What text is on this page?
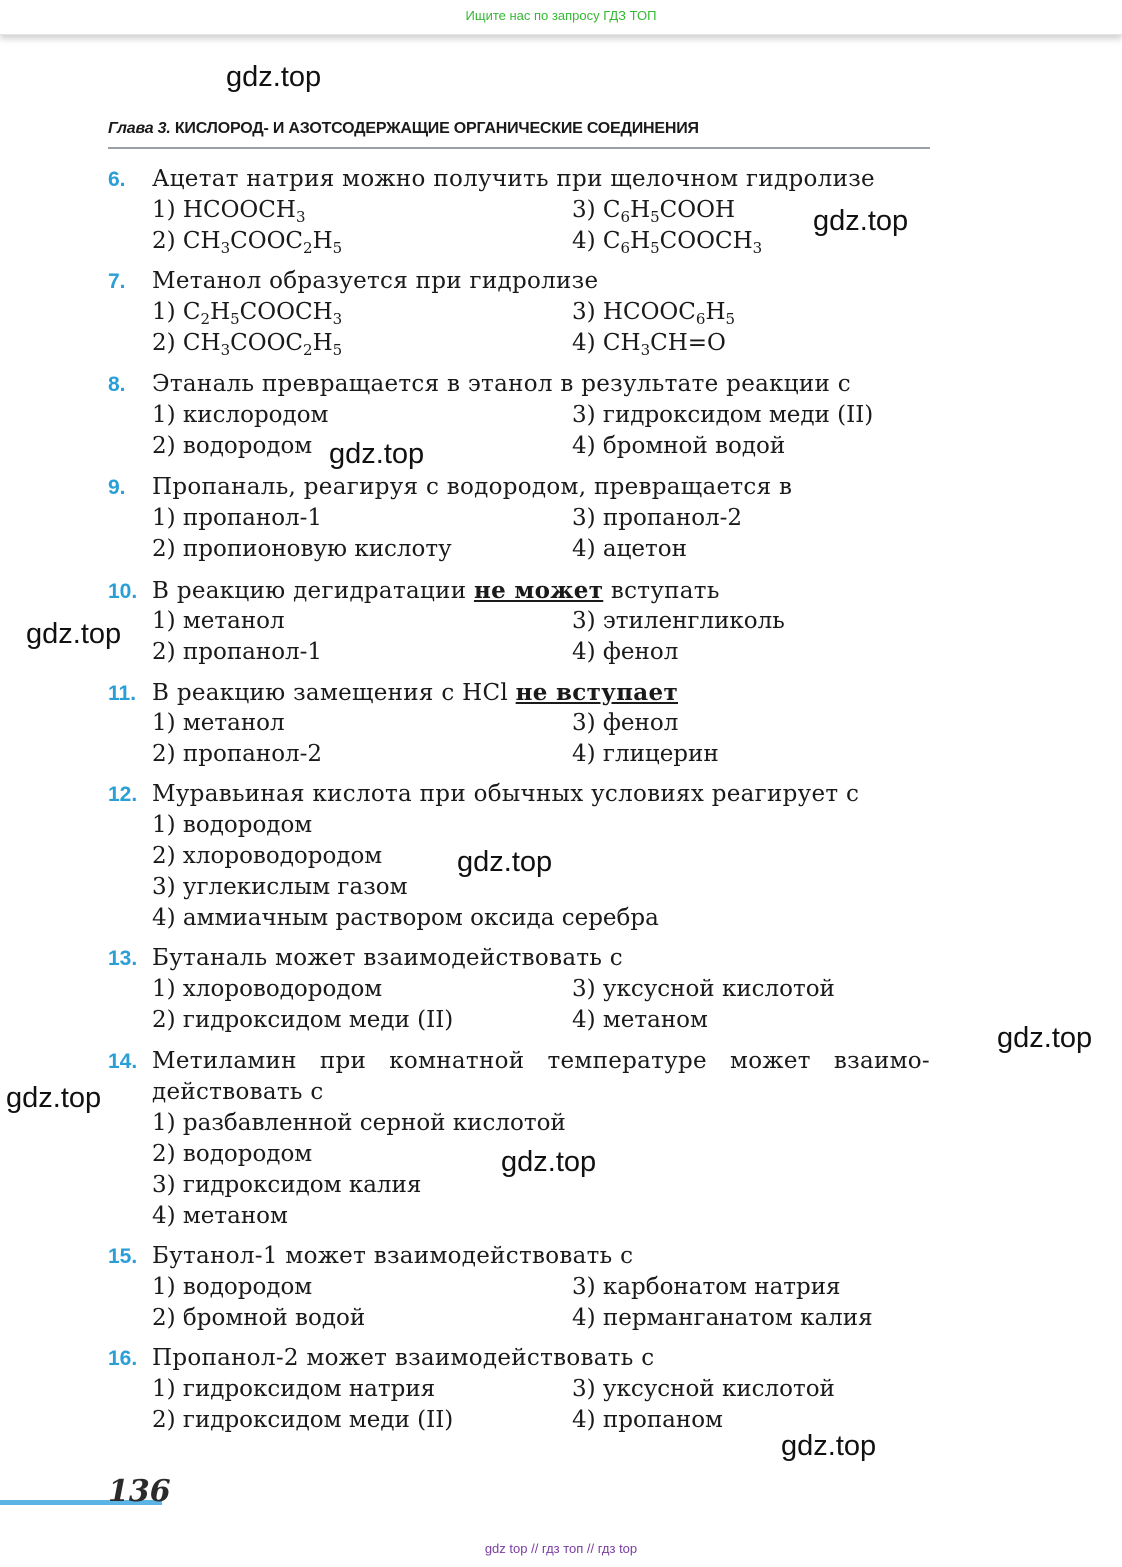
Ищите нас по запросу ГДЗ ТОП
Глава 3. КИСЛОРОД- И АЗОТСОДЕРЖАЩИЕ ОРГАНИЧЕСКИЕ СОЕДИНЕНИЯ
6. Ацетат натрия можно получить при щелочном гидролизе
1) $HCOOCH_3$	3) $C_6H_5COOH$
2) $CH_3COOC_2H_5$	4) $C_6H_5COOCH_3$
7. Метанол образуется при гидролизе
1) $C_2H_5COOCH_3$	3) $HCOOC_6H_5$
2) $CH_3COOC_2H_5$	4) $CH_3CH=O$
8. Этаналь превращается в этанол в результате реакции с
1) кислородом	3) гидроксидом меди (II)
2) водородом	4) бромной водой
9. Пропаналь, реагируя с водородом, превращается в
1) пропанол-1	3) пропанол-2
2) пропионовую кислоту	4) ацетон
10. В реакцию дегидратации не может вступать
1) метанол	3) этиленгликоль
2) пропанол-1	4) фенол
11. В реакцию замещения с HCl не вступает
1) метанол	3) фенол
2) пропанол-2	4) глицерин
12. Муравьиная кислота при обычных условиях реагирует с
1) водородом
2) хлороводородом
3) углекислым газом
4) аммиачным раствором оксида серебра
13. Бутаналь может взаимодействовать с
1) хлороводородом	3) уксусной кислотой
2) гидроксидом меди (II)	4) метаном
14. Метиламин при комнатной температуре может взаимо-
действовать с
1) разбавленной серной кислотой
2) водородом
3) гидроксидом калия
4) метаном
15. Бутанол-1 может взаимодействовать с
1) водородом	3) карбонатом натрия
2) бромной водой	4) перманганатом калия
16. Пропанол-2 может взаимодействовать с
1) гидроксидом натрия	3) уксусной кислотой
2) гидроксидом меди (II)	4) пропаном
136
gdz.top
gdz.top
gdz.top
gdz.top
gdz.top
gdz.top
gdz.top
gdz.top
gdz.top
gdz top // гдз топ // гдз top
